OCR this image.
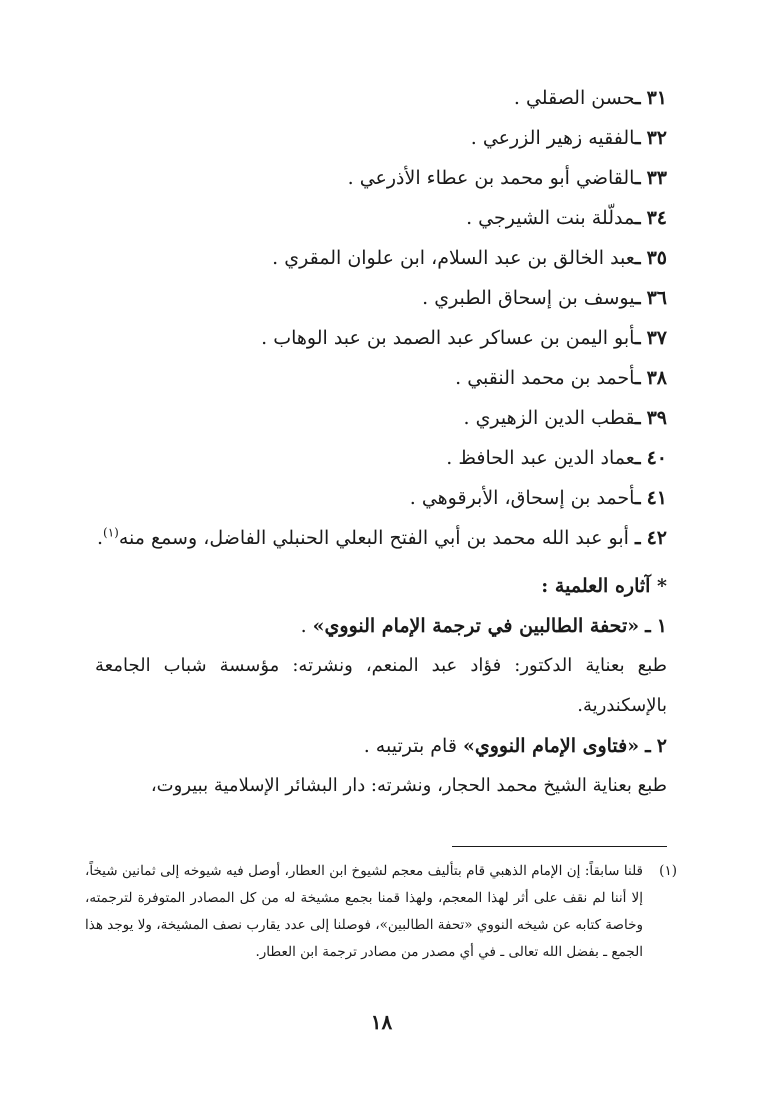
٣١ ـحسن الصقلي .
٣٢ ـالفقيه زهير الزرعي .
٣٣ ـالقاضي أبو محمد بن عطاء الأذرعي .
٣٤ ـمدلّلة بنت الشيرجي .
٣٥ ـعبد الخالق بن عبد السلام، ابن علوان المقري .
٣٦ ـيوسف بن إسحاق الطبري .
٣٧ ـأبو اليمن بن عساكر عبد الصمد بن عبد الوهاب .
٣٨ ـأحمد بن محمد النقبي .
٣٩ ـقطب الدين الزهيري .
٤٠ ـعماد الدين عبد الحافظ .
٤١ ـأحمد بن إسحاق، الأبرقوهي .
٤٢ ـ أبو عبد الله محمد بن أبي الفتح البعلي الحنبلي الفاضل، وسمع منه$^{(١)}$.
* آثاره العلمية :
١ ـ «تحفة الطالبين في ترجمة الإمام النووي» .
طبع بعناية الدكتور: فؤاد عبد المنعم، ونشرته: مؤسسة شباب الجامعة بالإسكندرية.
٢ ـ «فتاوى الإمام النووي» قام بترتيبه .
طبع بعناية الشيخ محمد الحجار، ونشرته: دار البشائر الإسلامية ببيروت،
(١)
قلنا سابقاً: إن الإمام الذهبي قام بتأليف معجم لشيوخ ابن العطار، أوصل فيه شيوخه إلى ثمانين شيخاً، إلا أننا لم نقف على أثر لهذا المعجم، ولهذا قمنا بجمع مشيخة له من كل المصادر المتوفرة لترجمته، وخاصة كتابه عن شيخه النووي «تحفة الطالبين»، فوصلنا إلى عدد يقارب نصف المشيخة، ولا يوجد هذا الجمع ـ بفضل الله تعالى ـ في أي مصدر من مصادر ترجمة ابن العطار.
١٨
